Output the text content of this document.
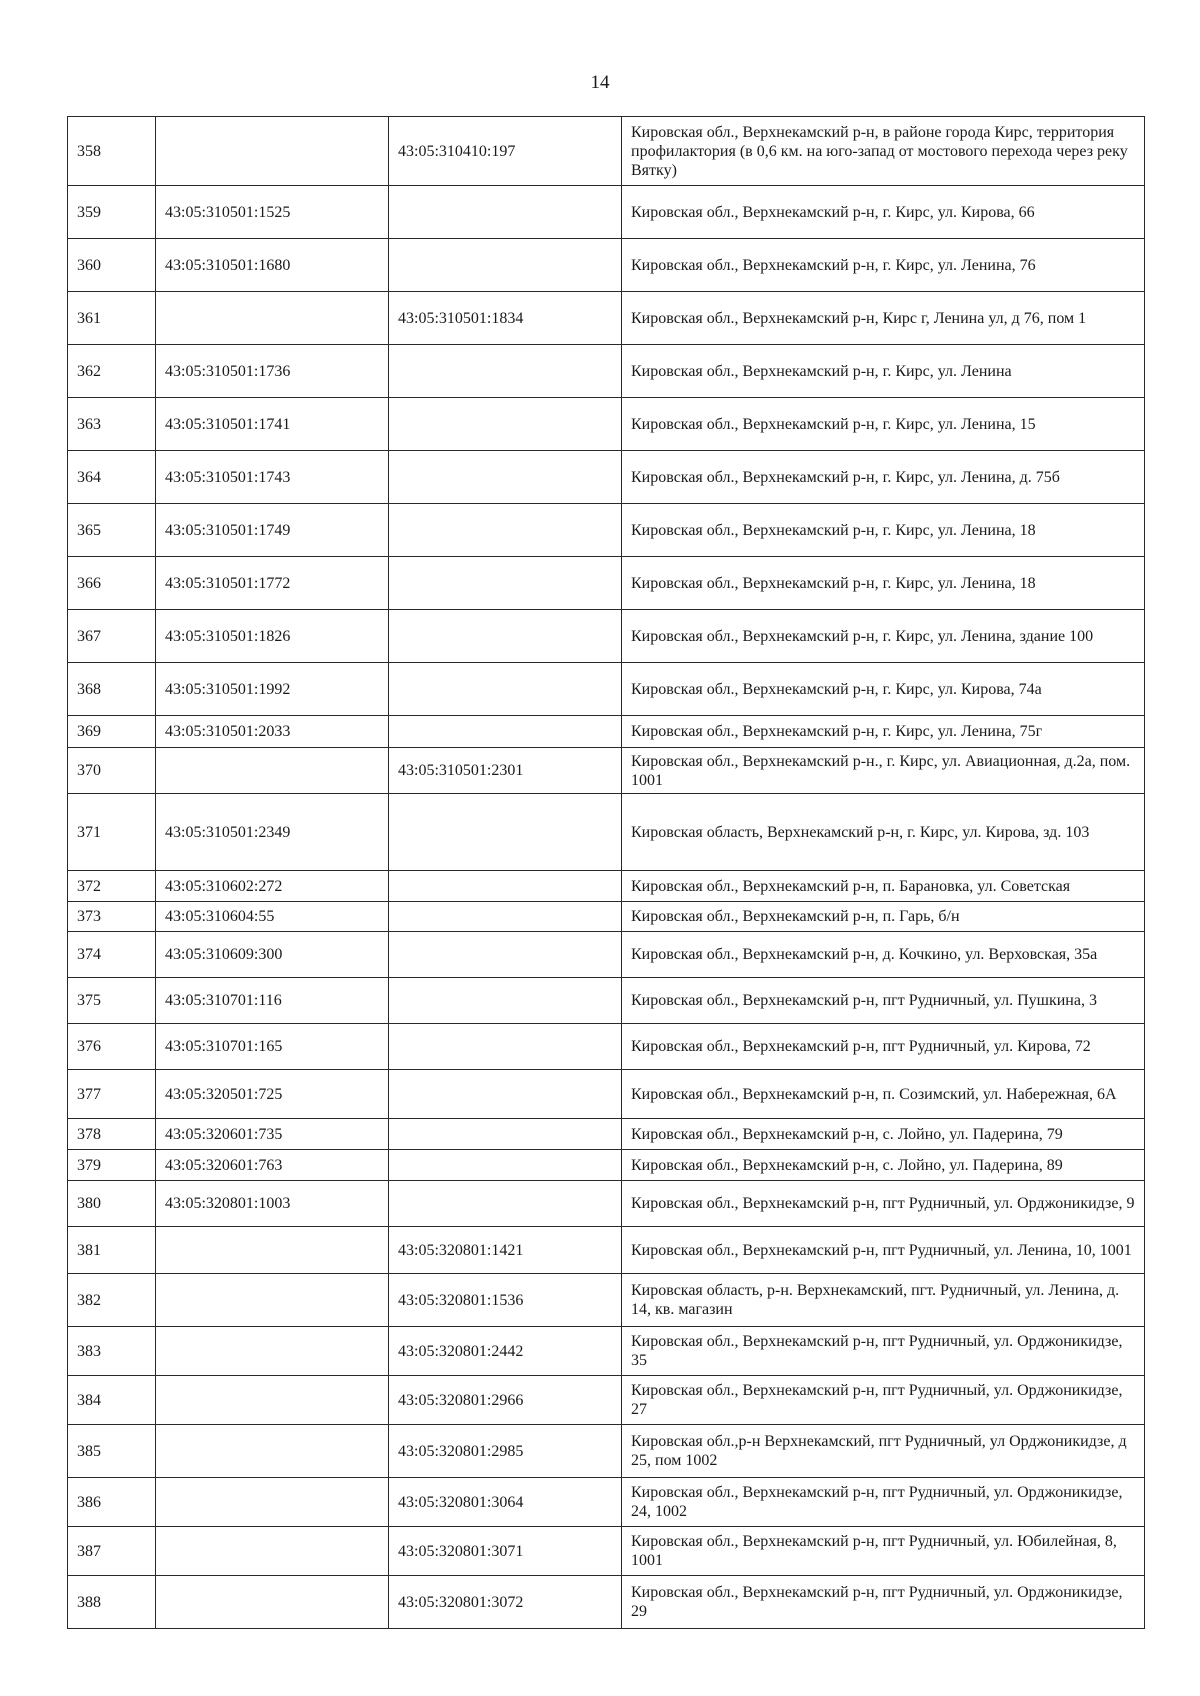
14
358		43:05:310410:197	Кировская обл., Верхнекамский р-н, в районе города Кирс, территория профилактория (в 0,6 км. на юго-запад от мостового перехода через реку Вятку)
359	43:05:310501:1525		Кировская обл., Верхнекамский р-н, г. Кирс, ул. Кирова, 66
360	43:05:310501:1680		Кировская обл., Верхнекамский р-н, г. Кирс, ул. Ленина, 76
361		43:05:310501:1834	Кировская обл., Верхнекамский р-н, Кирс г, Ленина ул, д 76, пом 1
362	43:05:310501:1736		Кировская обл., Верхнекамский р-н, г. Кирс, ул. Ленина
363	43:05:310501:1741		Кировская обл., Верхнекамский р-н, г. Кирс, ул. Ленина, 15
364	43:05:310501:1743		Кировская обл., Верхнекамский р-н, г. Кирс, ул. Ленина, д. 75б
365	43:05:310501:1749		Кировская обл., Верхнекамский р-н, г. Кирс, ул. Ленина, 18
366	43:05:310501:1772		Кировская обл., Верхнекамский р-н, г. Кирс, ул. Ленина, 18
367	43:05:310501:1826		Кировская обл., Верхнекамский р-н, г. Кирс, ул. Ленина, здание 100
368	43:05:310501:1992		Кировская обл., Верхнекамский р-н, г. Кирс, ул. Кирова, 74а
369	43:05:310501:2033		Кировская обл., Верхнекамский р-н, г. Кирс, ул. Ленина, 75г
370		43:05:310501:2301	Кировская обл., Верхнекамский р-н., г. Кирс, ул. Авиационная, д.2а, пом. 1001
371	43:05:310501:2349		Кировская область, Верхнекамский р-н, г. Кирс, ул. Кирова, зд. 103
372	43:05:310602:272		Кировская обл., Верхнекамский р-н, п. Барановка, ул. Советская
373	43:05:310604:55		Кировская обл., Верхнекамский р-н, п. Гарь, б/н
374	43:05:310609:300		Кировская обл., Верхнекамский р-н, д. Кочкино, ул. Верховская, 35а
375	43:05:310701:116		Кировская обл., Верхнекамский р-н, пгт Рудничный, ул. Пушкина, 3
376	43:05:310701:165		Кировская обл., Верхнекамский р-н, пгт Рудничный, ул. Кирова, 72
377	43:05:320501:725		Кировская обл., Верхнекамский р-н, п. Созимский, ул. Набережная, 6А
378	43:05:320601:735		Кировская обл., Верхнекамский р-н, с. Лойно, ул. Падерина, 79
379	43:05:320601:763		Кировская обл., Верхнекамский р-н, с. Лойно, ул. Падерина, 89
380	43:05:320801:1003		Кировская обл., Верхнекамский р-н, пгт Рудничный, ул. Орджоникидзе, 9
381		43:05:320801:1421	Кировская обл., Верхнекамский р-н, пгт Рудничный, ул. Ленина, 10, 1001
382		43:05:320801:1536	Кировская область, р-н. Верхнекамский, пгт. Рудничный, ул. Ленина, д. 14, кв. магазин
383		43:05:320801:2442	Кировская обл., Верхнекамский р-н, пгт Рудничный, ул. Орджоникидзе, 35
384		43:05:320801:2966	Кировская обл., Верхнекамский р-н, пгт Рудничный, ул. Орджоникидзе, 27
385		43:05:320801:2985	Кировская обл.,р-н Верхнекамский, пгт Рудничный, ул Орджоникидзе, д 25, пом 1002
386		43:05:320801:3064	Кировская обл., Верхнекамский р-н, пгт Рудничный, ул. Орджоникидзе, 24, 1002
387		43:05:320801:3071	Кировская обл., Верхнекамский р-н, пгт Рудничный, ул. Юбилейная, 8, 1001
388		43:05:320801:3072	Кировская обл., Верхнекамский р-н, пгт Рудничный, ул. Орджоникидзе, 29
